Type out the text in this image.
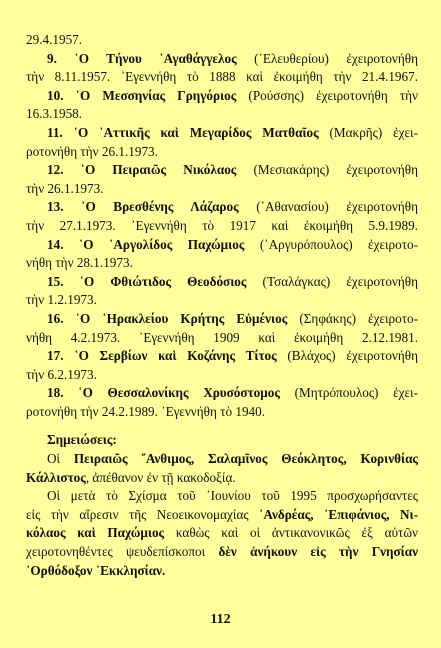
29.4.1957.
9. ῾Ο Τήνου ᾿Αγαθάγγελος (᾿Ελευθερίου) ἐχειροτονήθη
τὴν 8.11.1957. ᾿Εγεννήθη τὸ 1888 καὶ ἐκοιμήθη τὴν 21.4.1967.
10. ῾Ο Μεσσηνίας Γρηγόριος (Ρούσσης) ἐχειροτονήθη τὴν
16.3.1958.
11. ῾Ο ᾿Αττικῆς καὶ Μεγαρίδος Ματθαῖος (Μακρῆς) ἐχει-
ροτονήθη τὴν 26.1.1973.
12. ῾Ο Πειραιῶς Νικόλαος (Μεσιακάρης) ἐχειροτονήθη
τὴν 26.1.1973.
13. ῾Ο Βρεσθένης Λάζαρος (᾿Αθανασίου) ἐχειροτονήθη
τὴν 27.1.1973. ᾿Εγεννήθη τὸ 1917 καὶ ἐκοιμήθη 5.9.1989.
14. ῾Ο ᾿Αργολίδος Παχώμιος (᾿Αργυρόπουλος) ἐχειροτο-
νήθη τὴν 28.1.1973.
15. ῾Ο Φθιώτιδος Θεοδόσιος (Τσαλάγκας) ἐχειροτονήθη
τὴν 1.2.1973.
16. ῾Ο ῾Ηρακλείου Κρήτης Εὐμένιος (Σηφάκης) ἐχειροτο-
νήθη 4.2.1973. ᾿Εγεννήθη 1909 καὶ ἐκοιμήθη 2.12.1981.
17. ῾Ο Σερβίων καὶ Κοζάνης Τίτος (Βλάχος) ἐχειροτονήθη
τὴν 6.2.1973.
18. ῾Ο Θεσσαλονίκης Χρυσόστομος (Μητρόπουλος) ἐχει-
ροτονήθη τὴν 24.2.1989. ᾿Εγεννήθη τὸ 1940.
Σημειώσεις:
Οἱ Πειραιῶς ῎Ανθιμος, Σαλαμῖνος Θεόκλητος, Κορινθίας
Κάλλιστος, ἀπέθανον ἐν τῇ κακοδοξίᾳ.
Οἱ μετὰ τὸ Σχίσμα τοῦ ᾿Ιουνίου τοῦ 1995 προσχωρήσαντες
εἰς τὴν αἵρεσιν τῆς Νεοεικονομαχίας ᾿Ανδρέας, ᾿Επιφάνιος, Νι-
κόλαος καὶ Παχώμιος καθὼς καὶ οἱ ἀντικανονικῶς ἐξ αὐτῶν
χειροτονηθέντες ψευδεπίσκοποι δὲν ἀνήκουν εἰς τὴν Γνησίαν
᾿Ορθόδοξον ᾿Εκκλησίαν.
112
